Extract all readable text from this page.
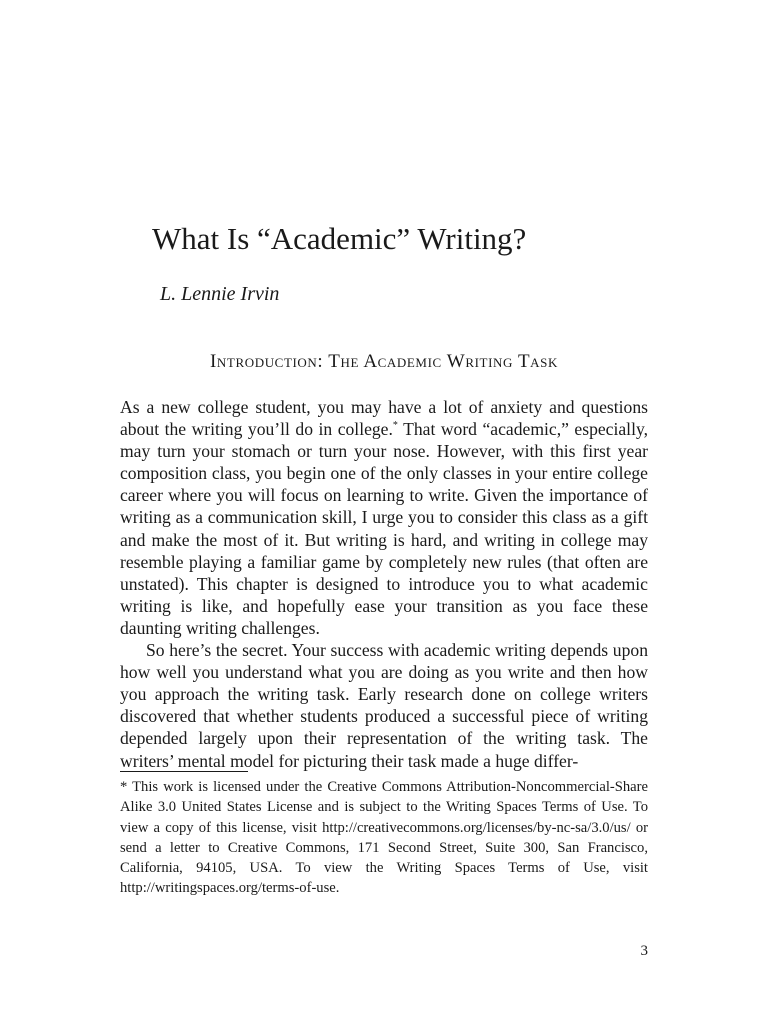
What Is “Academic” Writing?

L. Lennie Irvin

Introduction: The Academic Writing Task

As a new college student, you may have a lot of anxiety and questions about the writing you’ll do in college.* That word “academic,” especially, may turn your stomach or turn your nose. However, with this first year composition class, you begin one of the only classes in your entire college career where you will focus on learning to write. Given the importance of writing as a communication skill, I urge you to consider this class as a gift and make the most of it. But writing is hard, and writing in college may resemble playing a familiar game by completely new rules (that often are unstated). This chapter is designed to introduce you to what academic writing is like, and hopefully ease your transition as you face these daunting writing challenges.

So here’s the secret. Your success with academic writing depends upon how well you understand what you are doing as you write and then how you approach the writing task. Early research done on college writers discovered that whether students produced a successful piece of writing depended largely upon their representation of the writing task. The writers’ mental model for picturing their task made a huge differ-

* This work is licensed under the Creative Commons Attribution-Noncommercial-Share Alike 3.0 United States License and is subject to the Writing Spaces Terms of Use. To view a copy of this license, visit http://creativecommons.org/licenses/by-nc-sa/3.0/us/ or send a letter to Creative Commons, 171 Second Street, Suite 300, San Francisco, California, 94105, USA. To view the Writing Spaces Terms of Use, visit http://writingspaces.org/terms-of-use.

3
